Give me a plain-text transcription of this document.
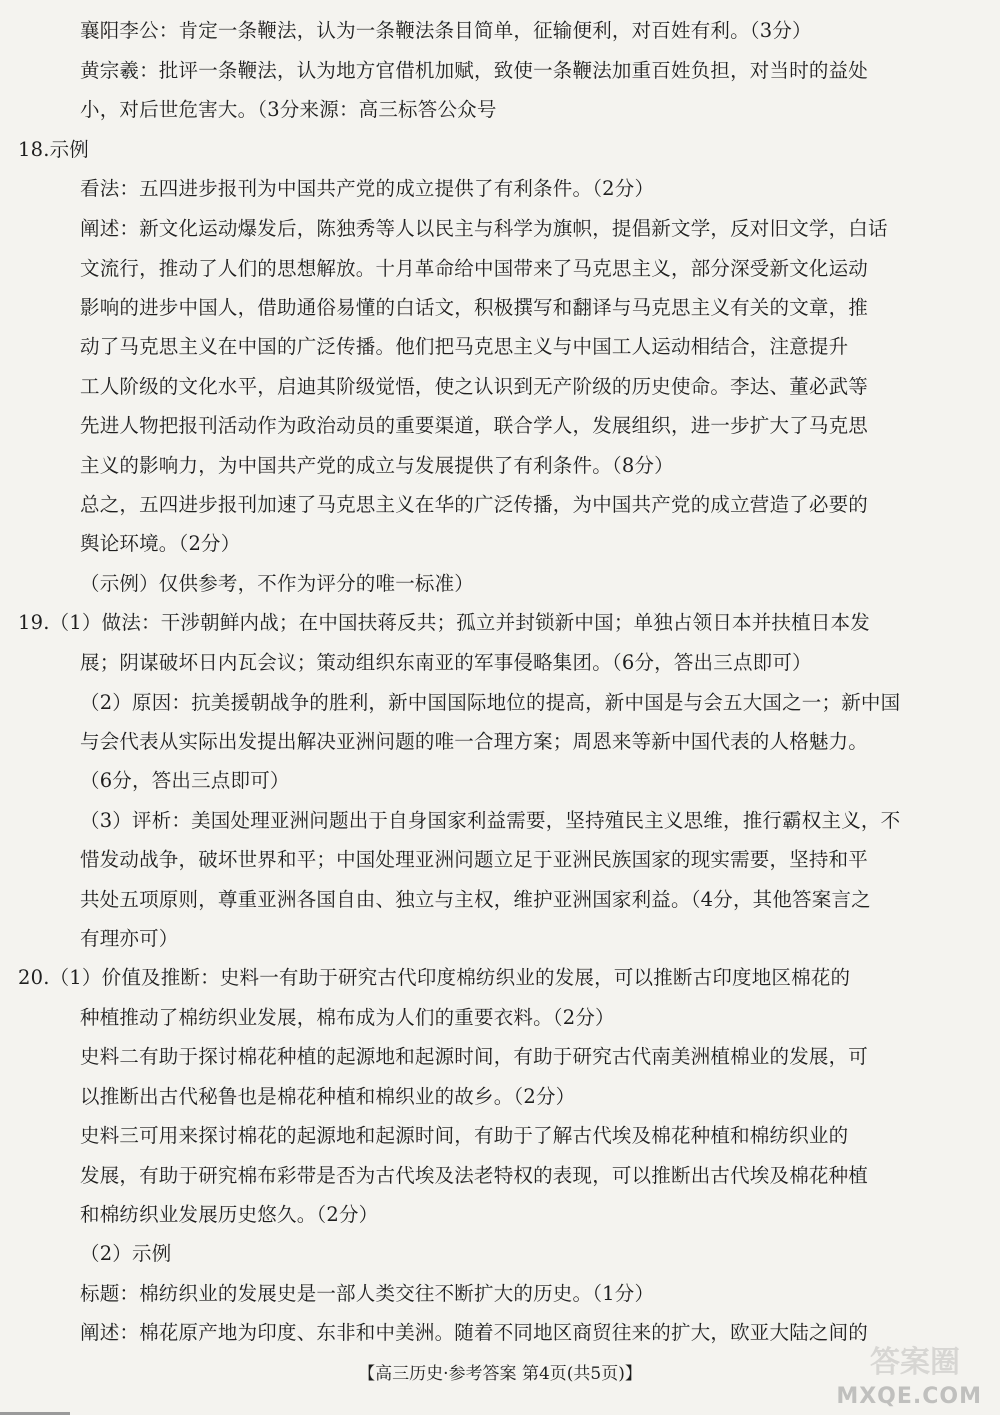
襄阳李公：肯定一条鞭法，认为一条鞭法条目简单，征输便利，对百姓有利。（3分）
黄宗羲：批评一条鞭法，认为地方官借机加赋，致使一条鞭法加重百姓负担，对当时的益处
小，对后世危害大。（3分来源：高三标答公众号
18.示例
看法：五四进步报刊为中国共产党的成立提供了有利条件。（2分）
阐述：新文化运动爆发后，陈独秀等人以民主与科学为旗帜，提倡新文学，反对旧文学，白话
文流行，推动了人们的思想解放。十月革命给中国带来了马克思主义，部分深受新文化运动
影响的进步中国人，借助通俗易懂的白话文，积极撰写和翻译与马克思主义有关的文章，推
动了马克思主义在中国的广泛传播。他们把马克思主义与中国工人运动相结合，注意提升
工人阶级的文化水平，启迪其阶级觉悟，使之认识到无产阶级的历史使命。李达、董必武等
先进人物把报刊活动作为政治动员的重要渠道，联合学人，发展组织，进一步扩大了马克思
主义的影响力，为中国共产党的成立与发展提供了有利条件。（8分）
总之，五四进步报刊加速了马克思主义在华的广泛传播，为中国共产党的成立营造了必要的
舆论环境。（2分）
（示例）仅供参考，不作为评分的唯一标准）
19.（1）做法：干涉朝鲜内战；在中国扶蒋反共；孤立并封锁新中国；单独占领日本并扶植日本发
展；阴谋破坏日内瓦会议；策动组织东南亚的军事侵略集团。（6分，答出三点即可）
（2）原因：抗美援朝战争的胜利，新中国国际地位的提高，新中国是与会五大国之一；新中国
与会代表从实际出发提出解决亚洲问题的唯一合理方案；周恩来等新中国代表的人格魅力。
（6分，答出三点即可）
（3）评析：美国处理亚洲问题出于自身国家利益需要，坚持殖民主义思维，推行霸权主义，不
惜发动战争，破坏世界和平；中国处理亚洲问题立足于亚洲民族国家的现实需要，坚持和平
共处五项原则，尊重亚洲各国自由、独立与主权，维护亚洲国家利益。（4分，其他答案言之
有理亦可）
20.（1）价值及推断：史料一有助于研究古代印度棉纺织业的发展，可以推断古印度地区棉花的
种植推动了棉纺织业发展，棉布成为人们的重要衣料。（2分）
史料二有助于探讨棉花种植的起源地和起源时间，有助于研究古代南美洲植棉业的发展，可
以推断出古代秘鲁也是棉花种植和棉织业的故乡。（2分）
史料三可用来探讨棉花的起源地和起源时间，有助于了解古代埃及棉花种植和棉纺织业的
发展，有助于研究棉布彩带是否为古代埃及法老特权的表现，可以推断出古代埃及棉花种植
和棉纺织业发展历史悠久。（2分）
（2）示例
标题：棉纺织业的发展史是一部人类交往不断扩大的历史。（1分）
阐述：棉花原产地为印度、东非和中美洲。随着不同地区商贸往来的扩大，欧亚大陆之间的
【高三历史·参考答案 第4页(共5页)】	答案圈
MXQE.COM
